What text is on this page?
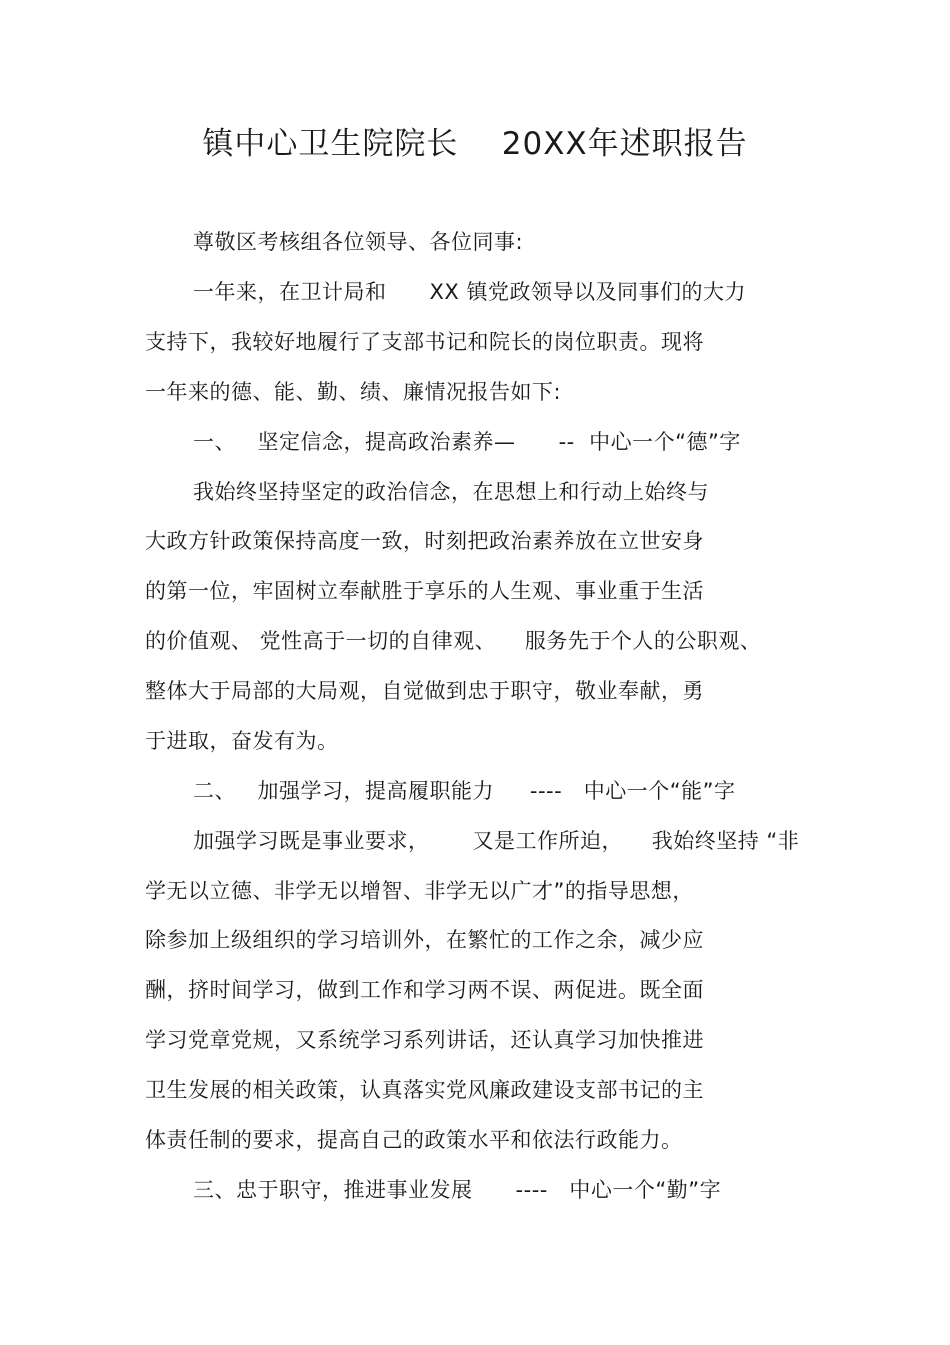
镇中心卫生院院长    20XX年述职报告
尊敬区考核组各位领导、各位同事:
一年来，在卫计局和      XX 镇党政领导以及同事们的大力
支持下，我较好地履行了支部书记和院长的岗位职责。现将
一年来的德、能、勤、绩、廉情况报告如下:
一、   坚定信念，提高政治素养—      --  中心一个“德”字
我始终坚持坚定的政治信念，在思想上和行动上始终与
大政方针政策保持高度一致，时刻把政治素养放在立世安身
的第一位，牢固树立奉献胜于享乐的人生观、事业重于生活
的价值观、 党性高于一切的自律观、    服务先于个人的公职观、
整体大于局部的大局观，自觉做到忠于职守，敬业奉献，勇
于进取，奋发有为。
二、   加强学习，提高履职能力     ----   中心一个“能”字
加强学习既是事业要求，      又是工作所迫，    我始终坚持 “非
学无以立德、非学无以增智、非学无以广才”的指导思想，
除参加上级组织的学习培训外，在繁忙的工作之余，减少应
酬，挤时间学习，做到工作和学习两不误、两促进。既全面
学习党章党规，又系统学习系列讲话，还认真学习加快推进
卫生发展的相关政策，认真落实党风廉政建设支部书记的主
体责任制的要求，提高自己的政策水平和依法行政能力。
三、忠于职守，推进事业发展      ----   中心一个“勤”字
